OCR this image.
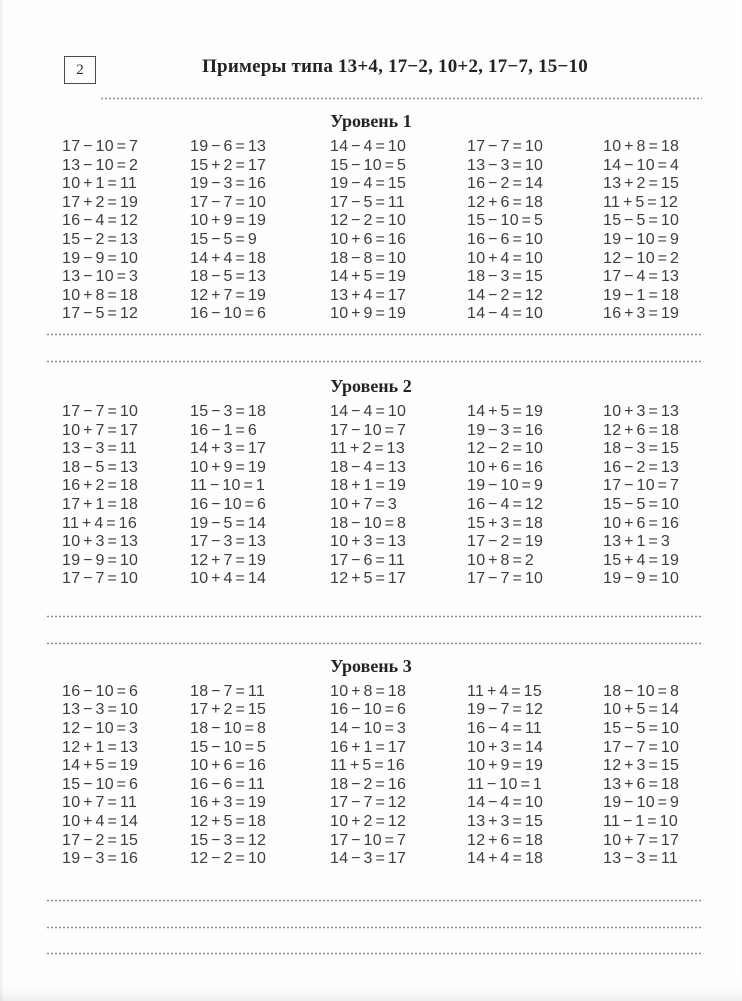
2	Примеры типа 13+4, 17−2, 10+2, 17−7, 15−10
Уровень 1
17 − 10 = 7
13 − 10 = 2
10 + 1 = 11
17 + 2 = 19
16 − 4 = 12
15 − 2 = 13
19 − 9 = 10
13 − 10 = 3
10 + 8 = 18
17 − 5 = 12
19 − 6 = 13
15 + 2 = 17
19 − 3 = 16
17 − 7 = 10
10 + 9 = 19
15 − 5 = 9
14 + 4 = 18
18 − 5 = 13
12 + 7 = 19
16 − 10 = 6
14 − 4 = 10
15 − 10 = 5
19 − 4 = 15
17 − 5 = 11
12 − 2 = 10
10 + 6 = 16
18 − 8 = 10
14 + 5 = 19
13 + 4 = 17
10 + 9 = 19
17 − 7 = 10
13 − 3 = 10
16 − 2 = 14
12 + 6 = 18
15 − 10 = 5
16 − 6 = 10
10 + 4 = 10
18 − 3 = 15
14 − 2 = 12
14 − 4 = 10
10 + 8 = 18
14 − 10 = 4
13 + 2 = 15
11 + 5 = 12
15 − 5 = 10
19 − 10 = 9
12 − 10 = 2
17 − 4 = 13
19 − 1 = 18
16 + 3 = 19
Уровень 2
17 − 7 = 10
10 + 7 = 17
13 − 3 = 11
18 − 5 = 13
16 + 2 = 18
17 + 1 = 18
11 + 4 = 16
10 + 3 = 13
19 − 9 = 10
17 − 7 = 10
15 − 3 = 18
16 − 1 = 6
14 + 3 = 17
10 + 9 = 19
11 − 10 = 1
16 − 10 = 6
19 − 5 = 14
17 − 3 = 13
12 + 7 = 19
10 + 4 = 14
14 − 4 = 10
17 − 10 = 7
11 + 2 = 13
18 − 4 = 13
18 + 1 = 19
10 + 7 = 3
18 − 10 = 8
10 + 3 = 13
17 − 6 = 11
12 + 5 = 17
14 + 5 = 19
19 − 3 = 16
12 − 2 = 10
10 + 6 = 16
19 − 10 = 9
16 − 4 = 12
15 + 3 = 18
17 − 2 = 19
10 + 8 = 2
17 − 7 = 10
10 + 3 = 13
12 + 6 = 18
18 − 3 = 15
16 − 2 = 13
17 − 10 = 7
15 − 5 = 10
10 + 6 = 16
13 + 1 = 3
15 + 4 = 19
19 − 9 = 10
Уровень 3
16 − 10 = 6
13 − 3 = 10
12 − 10 = 3
12 + 1 = 13
14 + 5 = 19
15 − 10 = 6
10 + 7 = 11
10 + 4 = 14
17 − 2 = 15
19 − 3 = 16
18 − 7 = 11
17 + 2 = 15
18 − 10 = 8
15 − 10 = 5
10 + 6 = 16
16 − 6 = 11
16 + 3 = 19
12 + 5 = 18
15 − 3 = 12
12 − 2 = 10
10 + 8 = 18
16 − 10 = 6
14 − 10 = 3
16 + 1 = 17
11 + 5 = 16
18 − 2 = 16
17 − 7 = 12
10 + 2 = 12
17 − 10 = 7
14 − 3 = 17
11 + 4 = 15
19 − 7 = 12
16 − 4 = 11
10 + 3 = 14
10 + 9 = 19
11 − 10 = 1
14 − 4 = 10
13 + 3 = 15
12 + 6 = 18
14 + 4 = 18
18 − 10 = 8
10 + 5 = 14
15 − 5 = 10
17 − 7 = 10
12 + 3 = 15
13 + 6 = 18
19 − 10 = 9
11 − 1 = 10
10 + 7 = 17
13 − 3 = 11
